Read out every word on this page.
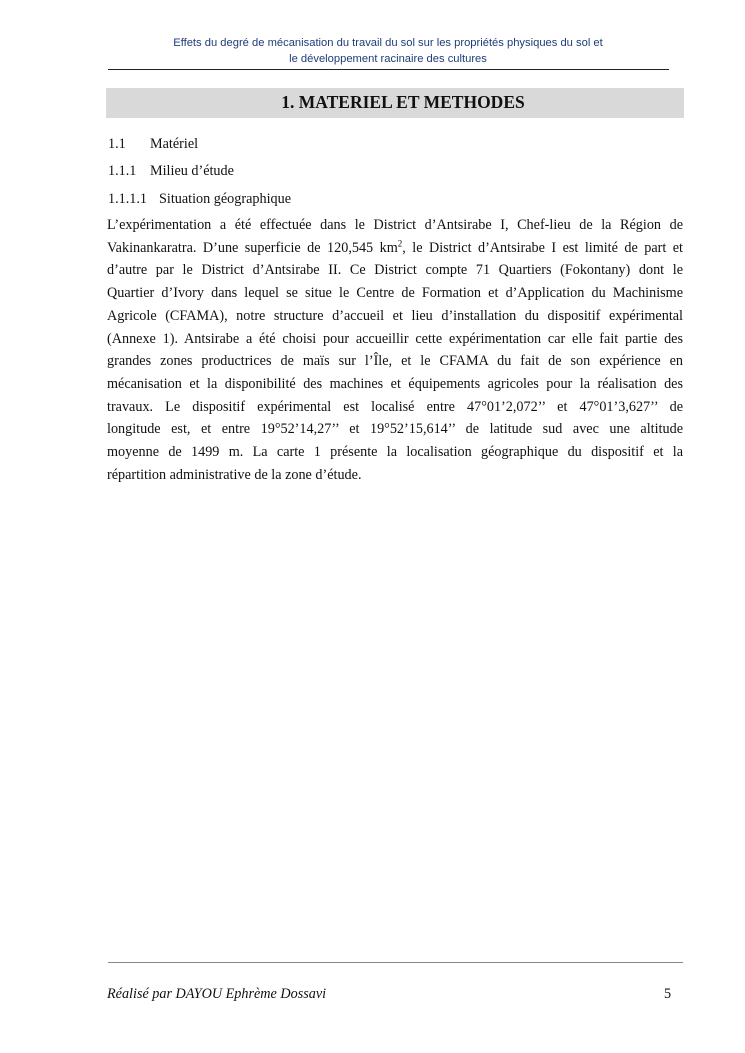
Effets du degré de mécanisation du travail du sol sur les propriétés physiques du sol et
le développement racinaire des cultures
1. MATERIEL ET METHODES
1.1 Matériel
1.1.1 Milieu d’étude
1.1.1.1 Situation géographique
L’expérimentation a été effectuée dans le District d’Antsirabe I, Chef-lieu de la Région de
Vakinankaratra. D’une superficie de 120,545 $km^2$, le District d’Antsirabe I est limité de part et
d’autre par le District d’Antsirabe II. Ce District compte 71 Quartiers (Fokontany) dont le
Quartier d’Ivory dans lequel se situe le Centre de Formation et d’Application du Machinisme
Agricole (CFAMA), notre structure d’accueil et lieu d’installation du dispositif expérimental
(Annexe 1). Antsirabe a été choisi pour accueillir cette expérimentation car elle fait partie des
grandes zones productrices de maïs sur l’Île, et le CFAMA du fait de son expérience en
mécanisation et la disponibilité des machines et équipements agricoles pour la réalisation des
travaux. Le dispositif expérimental est localisé entre 47°01’2,072’’ et 47°01’3,627’’ de
longitude est, et entre 19°52’14,27’’ et 19°52’15,614’’ de latitude sud avec une altitude
moyenne de 1499 m. La carte 1 présente la localisation géographique du dispositif et la
répartition administrative de la zone d’étude.
Réalisé par DAYOU Ephrème Dossavi	5
